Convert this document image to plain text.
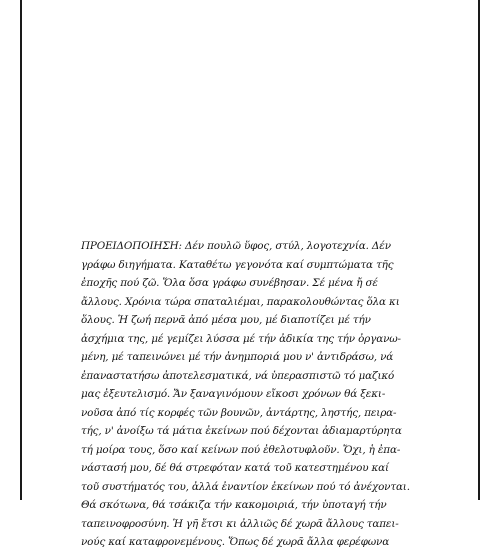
ΠΡΟΕΙΔΟΠΟΙΗΣΗ: Δέν πουλῶ ὕφος, στύλ, λογοτεχνία. Δέν
γράφω διηγήματα. Καταθέτω γεγονότα καί συμπτώματα τῆς
ἐποχῆς πού ζῶ. Ὅλα ὅσα γράφω συνέβησαν. Σέ μένα ἤ σέ
ἄλλους. Χρόνια τώρα σπαταλιέμαι, παρακολουθώντας ὅλα κι
ὅλους. Ἡ ζωή περνᾶ ἀπό μέσα μου, μέ διαποτίζει μέ τήν
ἀσχήμια της, μέ γεμίζει λύσσα μέ τήν ἀδικία της τήν ὀργανω-
μένη, μέ ταπεινώνει μέ τήν ἀνημποριά μου ν' ἀντιδράσω, νά
ἐπαναστατήσω ἀποτελεσματικά, νά ὑπερασπιστῶ τό μαζικό
μας ἐξευτελισμό. Ἄν ξαναγινόμουν εἴκοσι χρόνων θά ξεκι-
νοῦσα ἀπό τίς κορφές τῶν βουνῶν, ἀντάρτης, ληστής, πειρα-
τής, ν' ἀνοίξω τά μάτια ἐκείνων πού δέχονται ἀδιαμαρτύρητα
τή μοίρα τους, ὅσο καί κείνων πού ἐθελοτυφλοῦν. Ὄχι, ἡ ἐπα-
νάστασή μου, δέ θά στρεφόταν κατά τοῦ κατεστημένου καί
τοῦ συστήματός του, ἀλλά ἐναντίον ἐκείνων πού τό ἀνέχονται.
Θά σκότωνα, θά τσάκιζα τήν κακομοιριά, τήν ὑποταγή τήν
ταπεινοφροσύνη. Ἡ γῆ ἔτσι κι ἀλλιῶς δέ χωρᾶ ἄλλους ταπει-
νούς καί καταφρονεμένους. Ὅπως δέ χωρᾶ ἄλλα φερέφωνα
